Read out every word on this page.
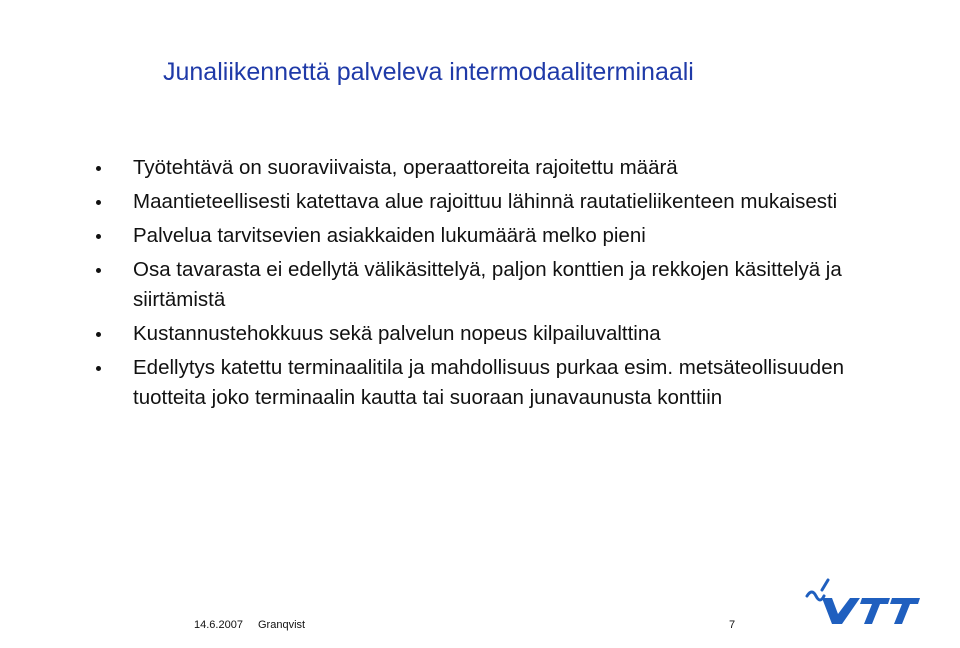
Junaliikennettä palveleva intermodaaliterminaali
Työtehtävä on suoraviivaista, operaattoreita rajoitettu määrä
Maantieteellisesti katettava alue rajoittuu lähinnä rautatieliikenteen mukaisesti
Palvelua tarvitsevien asiakkaiden lukumäärä melko pieni
Osa tavarasta ei edellytä välikäsittelyä, paljon konttien ja rekkojen käsittelyä ja siirtämistä
Kustannustehokkuus sekä palvelun nopeus kilpailuvalttina
Edellytys katettu terminaalitila ja mahdollisuus purkaa esim. metsäteollisuuden tuotteita joko terminaalin kautta tai suoraan junavaunusta konttiin
14.6.2007 Granqvist	7
